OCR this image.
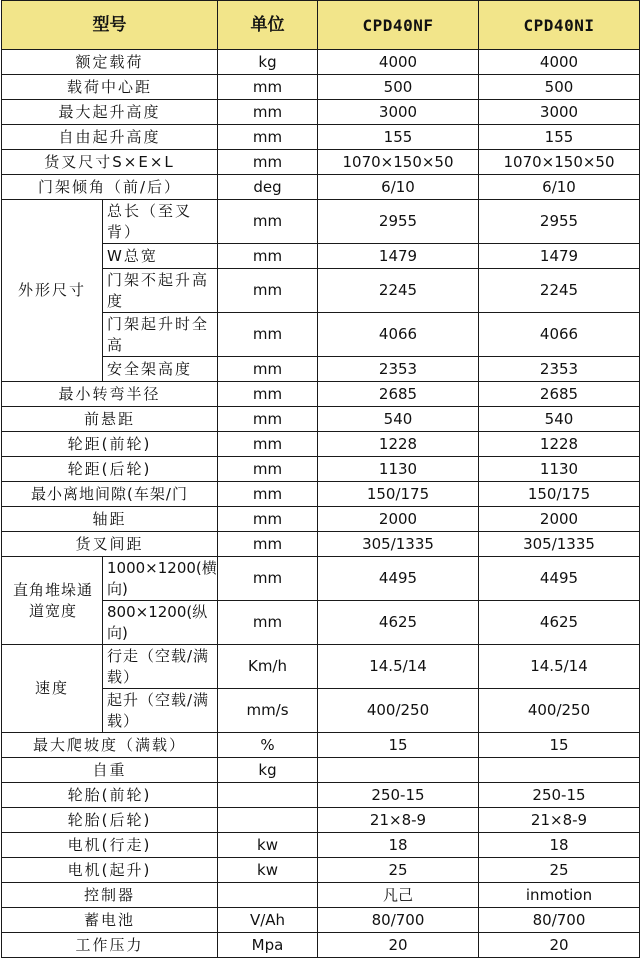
型号		单位	CPD40NF	CPD40NI
额定载荷		kg	4000	4000
载荷中心距		mm	500	500
最大起升高度		mm	3000	3000
自由起升高度		mm	155	155
货叉尺寸S×E×L		mm	1070×150×50	1070×150×50
门架倾角（前/后）		deg	6/10	6/10
外形尺寸	总长（至叉背）	mm	2955	2955
	W总宽	mm	1479	1479
	门架不起升高度	mm	2245	2245
	门架起升时全高	mm	4066	4066
	安全架高度	mm	2353	2353
最小转弯半径		mm	2685	2685
前悬距		mm	540	540
轮距(前轮)		mm	1228	1228
轮距(后轮)		mm	1130	1130
最小离地间隙(车架/门		mm	150/175	150/175
轴距		mm	2000	2000
货叉间距		mm	305/1335	305/1335
直角堆垛通道宽度	1000×1200(横向)	mm	4495	4495
	800×1200(纵向)	mm	4625	4625
速度	行走（空载/满载）	Km/h	14.5/14	14.5/14
	起升（空载/满载）	mm/s	400/250	400/250
最大爬坡度（满载）		%	15	15
自重		kg		
轮胎(前轮)			250-15	250-15
轮胎(后轮)			21×8-9	21×8-9
电机(行走)		kw	18	18
电机(起升)		kw	25	25
控制器			凡己	inmotion
蓄电池		V/Ah	80/700	80/700
工作压力		Mpa	20	20
